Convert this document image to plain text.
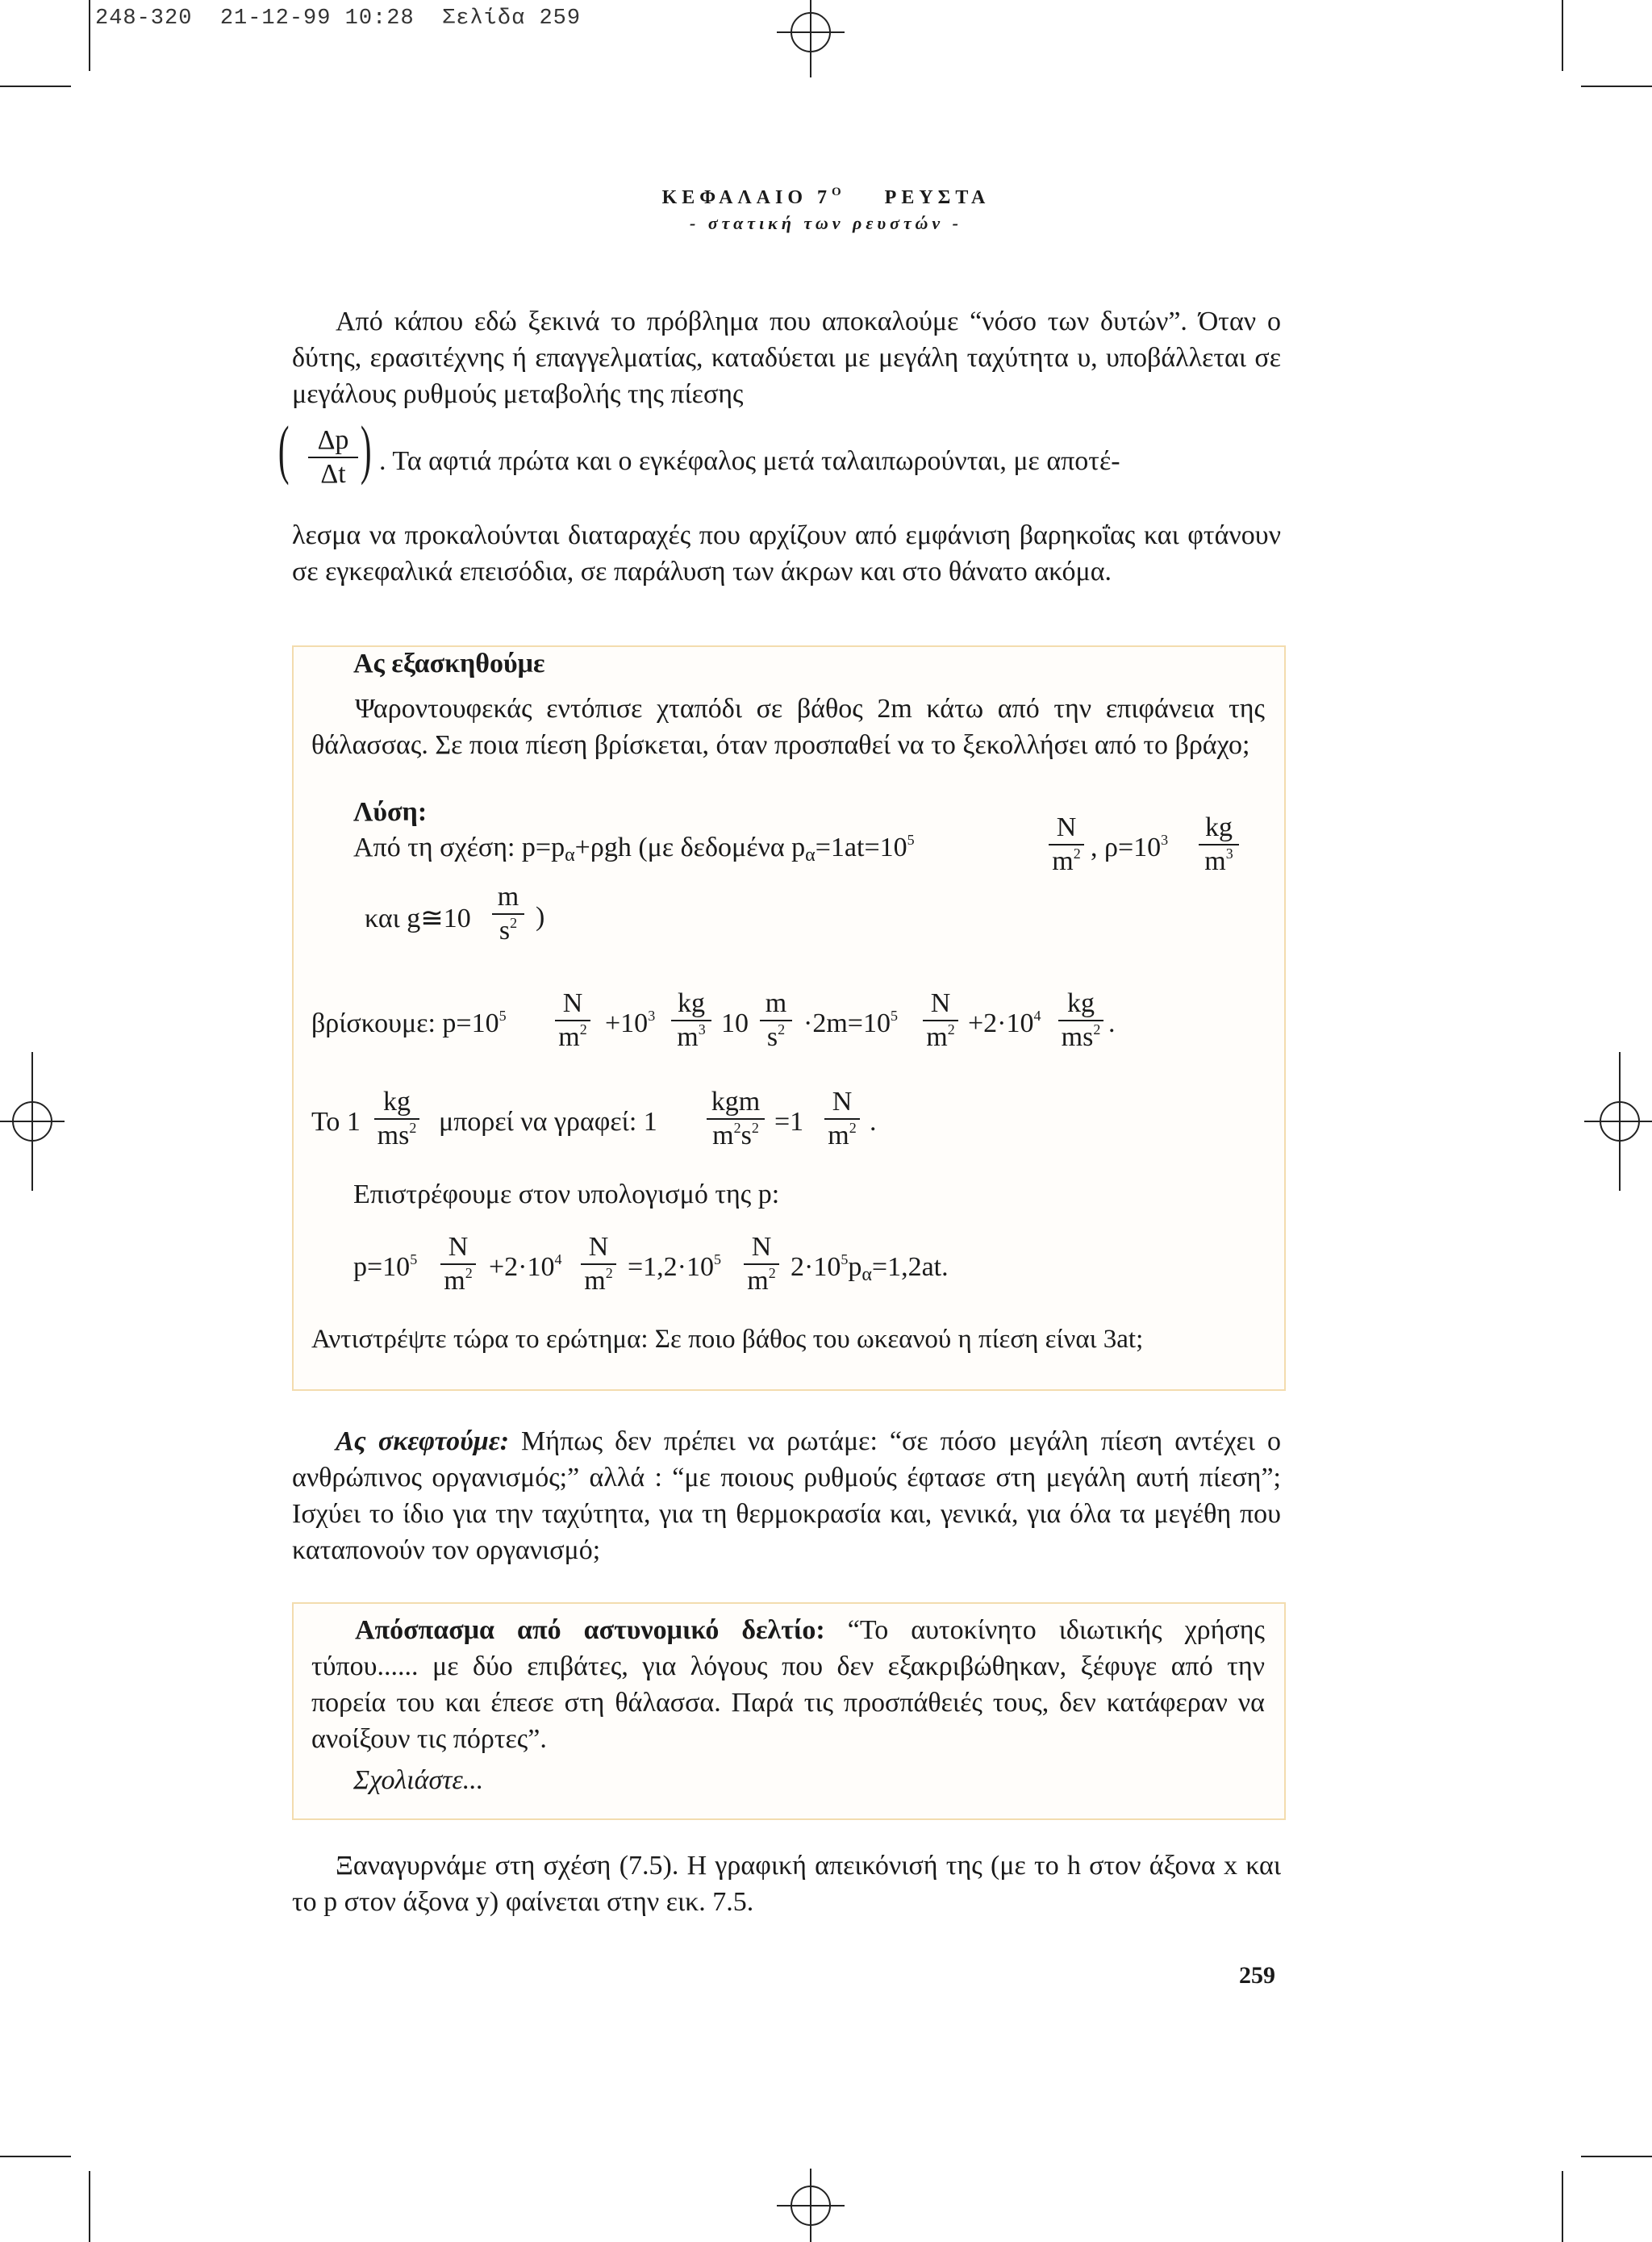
248-320  21-12-99 10:28  Σελίδα 259
ΚΕΦΑΛΑΙΟ $7^O$ ΡΕΥΣΤΑ
- στατική των ρευστών -
Από κάπου εδώ ξεκινά το πρόβλημα που αποκαλούμε “νόσο των δυτών”. Όταν ο δύτης, ερασιτέχνης ή επαγγελματίας, καταδύεται με μεγάλη ταχύτητα υ, υποβάλλεται σε μεγάλους ρυθμούς μεταβολής της πίεσης
(	Δp
Δt ) . Τα αφτιά πρώτα και ο εγκέφαλος μετά ταλαιπωρούνται, με αποτέ-
λεσμα να προκαλούνται διαταραχές που αρχίζουν από εμφάνιση βαρηκοΐας και φτάνουν σε εγκεφαλικά επεισόδια, σε παράλυση των άκρων και στο θάνατο ακόμα.
Ας εξασκηθούμε
Ψαροντουφεκάς εντόπισε χταπόδι σε βάθος 2m κάτω από την επιφάνεια της θάλασσας. Σε ποια πίεση βρίσκεται, όταν προσπαθεί να το ξεκολλήσει από το βράχο;
Λύση:
Από τη σχέση: $p=p_\alpha+\rho gh$ (με δεδομένα $p_\alpha=1at=10^5$	N
$m^2$ , $\rho=10^3$ kg
$m^3$
και g≅10
m
$s^2$ )
βρίσκουμε: $p=10^5$ N
$m^2 +10^3$ kg
$m^3$ 10
m
$s^2 \cdot 2m=10^5$ N
$m^2 +2\cdot 10^4$ kg
$ms^2$ .
Το 1
kg
$ms^2$ μπορεί να γραφεί: 1
kgm
$m^2s^2 =1$
N
$m^2$ .
Επιστρέφουμε στον υπολογισμό της p:
$p=10^5$ N
$m^2 +2\cdot 10^4$ N
$m^2 =1,2\cdot 10^5$ N
$m^2$ $2\cdot 10^5p_\alpha=1,2at$.
Αντιστρέψτε τώρα το ερώτημα: Σε ποιο βάθος του ωκεανού η πίεση είναι 3at;
Ας σκεφτούμε: Μήπως δεν πρέπει να ρωτάμε: “σε πόσο μεγάλη πίεση αντέχει ο ανθρώπινος οργανισμός;” αλλά : “με ποιους ρυθμούς έφτασε στη μεγάλη αυτή πίεση”; Ισχύει το ίδιο για την ταχύτητα, για τη θερμοκρασία και, γενικά, για όλα τα μεγέθη που καταπονούν τον οργανισμό;
Απόσπασμα από αστυνομικό δελτίο: “Το αυτοκίνητο ιδιωτικής χρήσης τύπου...... με δύο επιβάτες, για λόγους που δεν εξακριβώθηκαν, ξέφυγε από την πορεία του και έπεσε στη θάλασσα. Παρά τις προσπάθειές τους, δεν κατάφεραν να ανοίξουν τις πόρτες”.
Σχολιάστε...
Ξαναγυρνάμε στη σχέση (7.5). Η γραφική απεικόνισή της (με το h στον άξονα x και το p στον άξονα y) φαίνεται στην εικ. 7.5.
259
